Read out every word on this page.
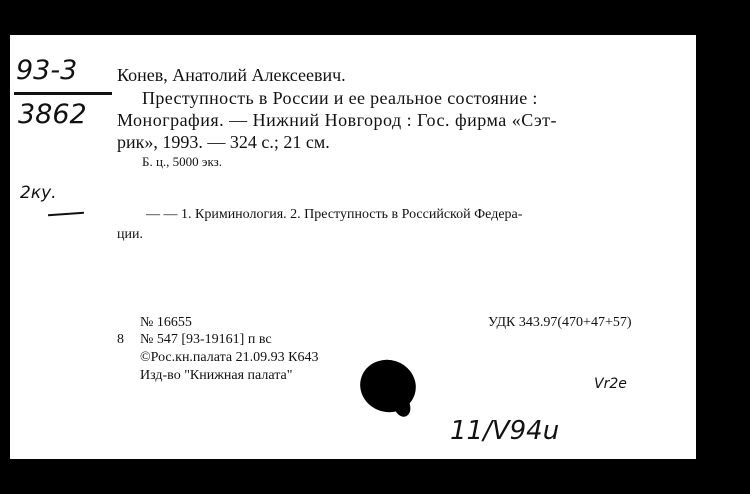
93-3
3862
Конев, Анатолий Алексеевич.
Преступность в России и ее реальное состояние :
Монография. — Нижний Новгород : Гос. фирма «Сэт-
рик», 1993. — 324 с.; 21 см.
Б. ц., 5000 экз.
2ку.
— — 1. Криминология. 2. Преступность в Российской Федера-
ции.
№ 16655	УДК 343.97(470+47+57)
8 № 547 [93-19161] п вс
©Рос.кн.палата 21.09.93 К643
Изд-во "Книжная палата"
Vr2e
11/Ⅴ94u
